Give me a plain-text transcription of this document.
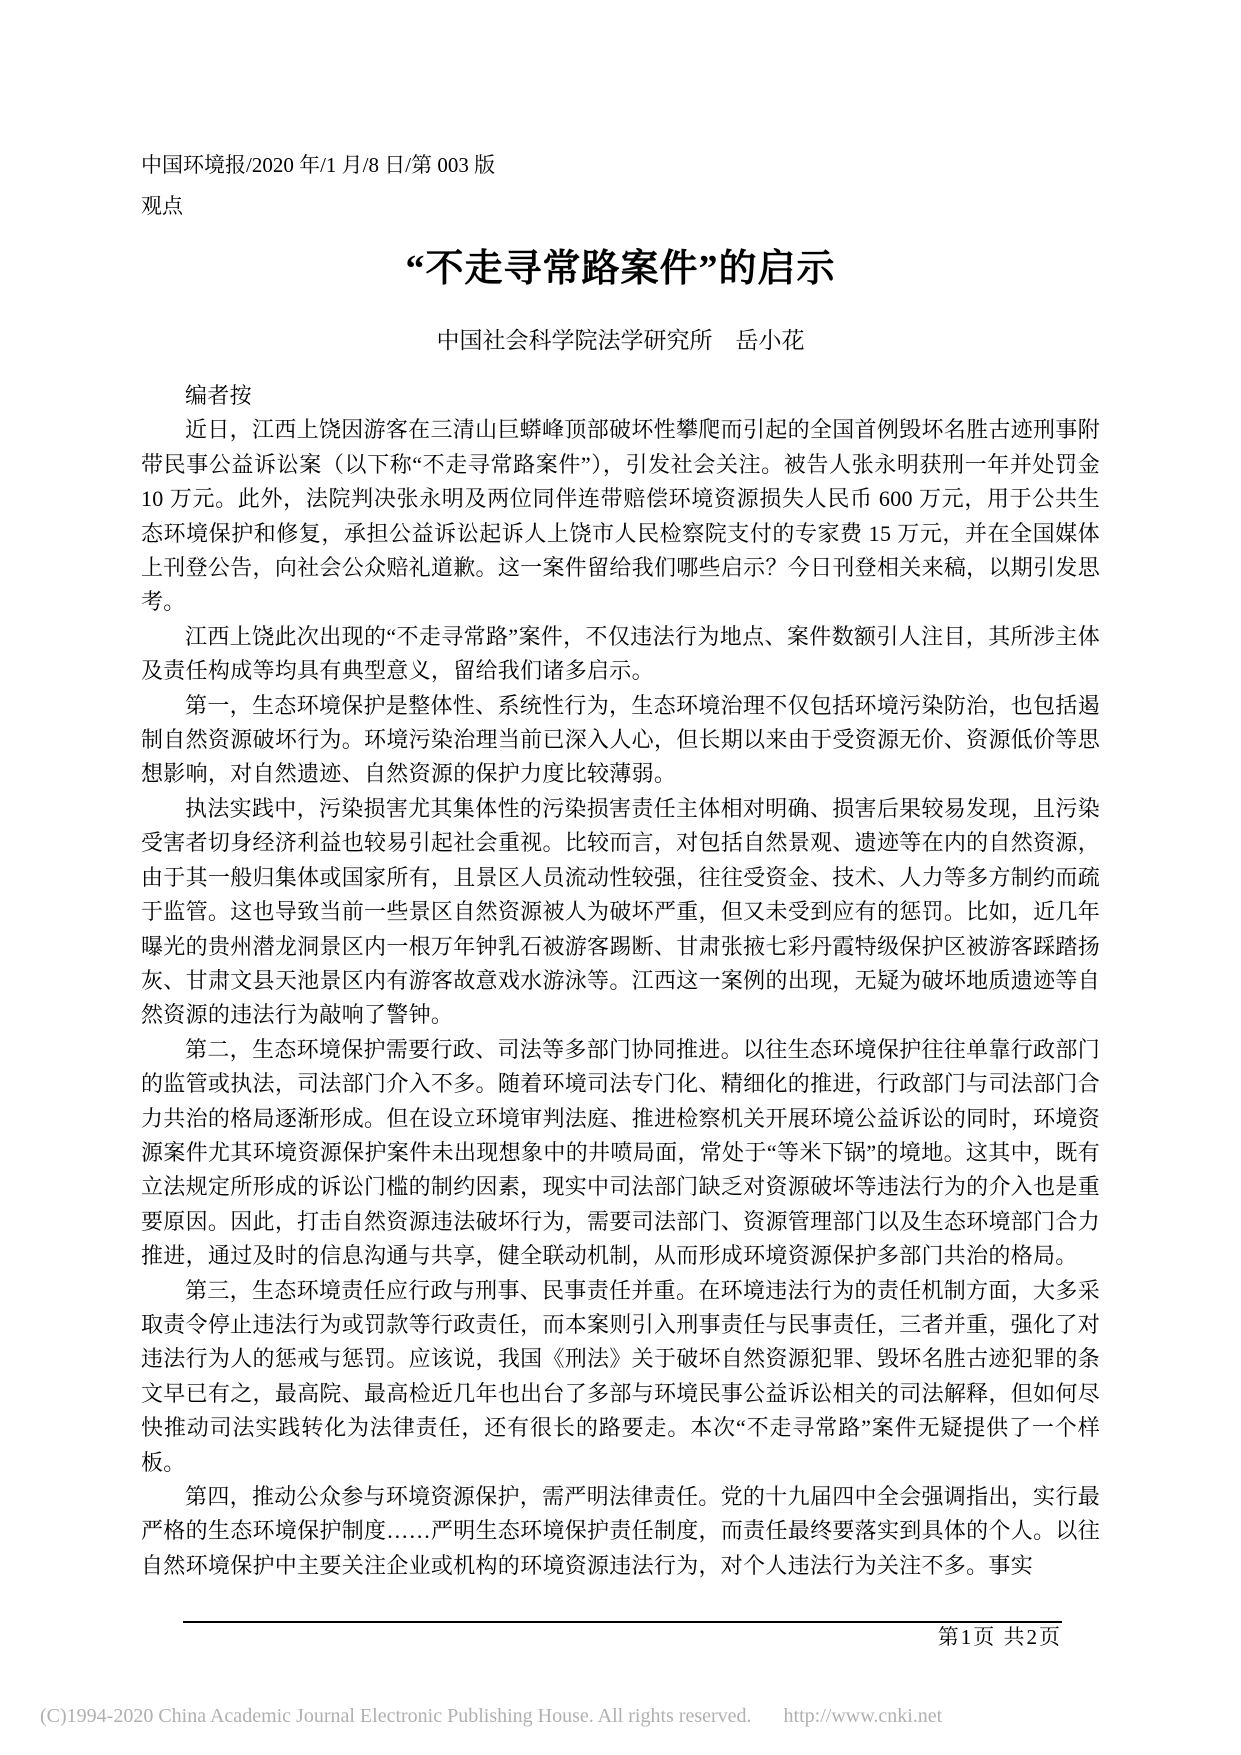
中国环境报/2020 年/1 月/8 日/第 003 版
观点
“不走寻常路案件”的启示
中国社会科学院法学研究所　岳小花

编者按

近日，江西上饶因游客在三清山巨蟒峰顶部破坏性攀爬而引起的全国首例毁坏名胜古迹刑事附带民事公益诉讼案（以下称“不走寻常路案件”），引发社会关注。被告人张永明获刑一年并处罚金 10 万元。此外，法院判决张永明及两位同伴连带赔偿环境资源损失人民币 600 万元，用于公共生态环境保护和修复，承担公益诉讼起诉人上饶市人民检察院支付的专家费 15 万元，并在全国媒体上刊登公告，向社会公众赔礼道歉。这一案件留给我们哪些启示？今日刊登相关来稿，以期引发思考。

江西上饶此次出现的“不走寻常路”案件，不仅违法行为地点、案件数额引人注目，其所涉主体及责任构成等均具有典型意义，留给我们诸多启示。

第一，生态环境保护是整体性、系统性行为，生态环境治理不仅包括环境污染防治，也包括遏制自然资源破坏行为。环境污染治理当前已深入人心，但长期以来由于受资源无价、资源低价等思想影响，对自然遗迹、自然资源的保护力度比较薄弱。

执法实践中，污染损害尤其集体性的污染损害责任主体相对明确、损害后果较易发现，且污染受害者切身经济利益也较易引起社会重视。比较而言，对包括自然景观、遗迹等在内的自然资源，由于其一般归集体或国家所有，且景区人员流动性较强，往往受资金、技术、人力等多方制约而疏于监管。这也导致当前一些景区自然资源被人为破坏严重，但又未受到应有的惩罚。比如，近几年曝光的贵州潜龙洞景区内一根万年钟乳石被游客踢断、甘肃张掖七彩丹霞特级保护区被游客踩踏扬灰、甘肃文县天池景区内有游客故意戏水游泳等。江西这一案例的出现，无疑为破坏地质遗迹等自然资源的违法行为敲响了警钟。

第二，生态环境保护需要行政、司法等多部门协同推进。以往生态环境保护往往单靠行政部门的监管或执法，司法部门介入不多。随着环境司法专门化、精细化的推进，行政部门与司法部门合力共治的格局逐渐形成。但在设立环境审判法庭、推进检察机关开展环境公益诉讼的同时，环境资源案件尤其环境资源保护案件未出现想象中的井喷局面，常处于“等米下锅”的境地。这其中，既有立法规定所形成的诉讼门槛的制约因素，现实中司法部门缺乏对资源破坏等违法行为的介入也是重要原因。因此，打击自然资源违法破坏行为，需要司法部门、资源管理部门以及生态环境部门合力推进，通过及时的信息沟通与共享，健全联动机制，从而形成环境资源保护多部门共治的格局。

第三，生态环境责任应行政与刑事、民事责任并重。在环境违法行为的责任机制方面，大多采取责令停止违法行为或罚款等行政责任，而本案则引入刑事责任与民事责任，三者并重，强化了对违法行为人的惩戒与惩罚。应该说，我国《刑法》关于破坏自然资源犯罪、毁坏名胜古迹犯罪的条文早已有之，最高院、最高检近几年也出台了多部与环境民事公益诉讼相关的司法解释，但如何尽快推动司法实践转化为法律责任，还有很长的路要走。本次“不走寻常路”案件无疑提供了一个样板。

第四，推动公众参与环境资源保护，需严明法律责任。党的十九届四中全会强调指出，实行最严格的生态环境保护制度……严明生态环境保护责任制度，而责任最终要落实到具体的个人。以往自然环境保护中主要关注企业或机构的环境资源违法行为，对个人违法行为关注不多。事实

第1页 共2页
(C)1994-2020 China Academic Journal Electronic Publishing House. All rights reserved. http://www.cnki.net
